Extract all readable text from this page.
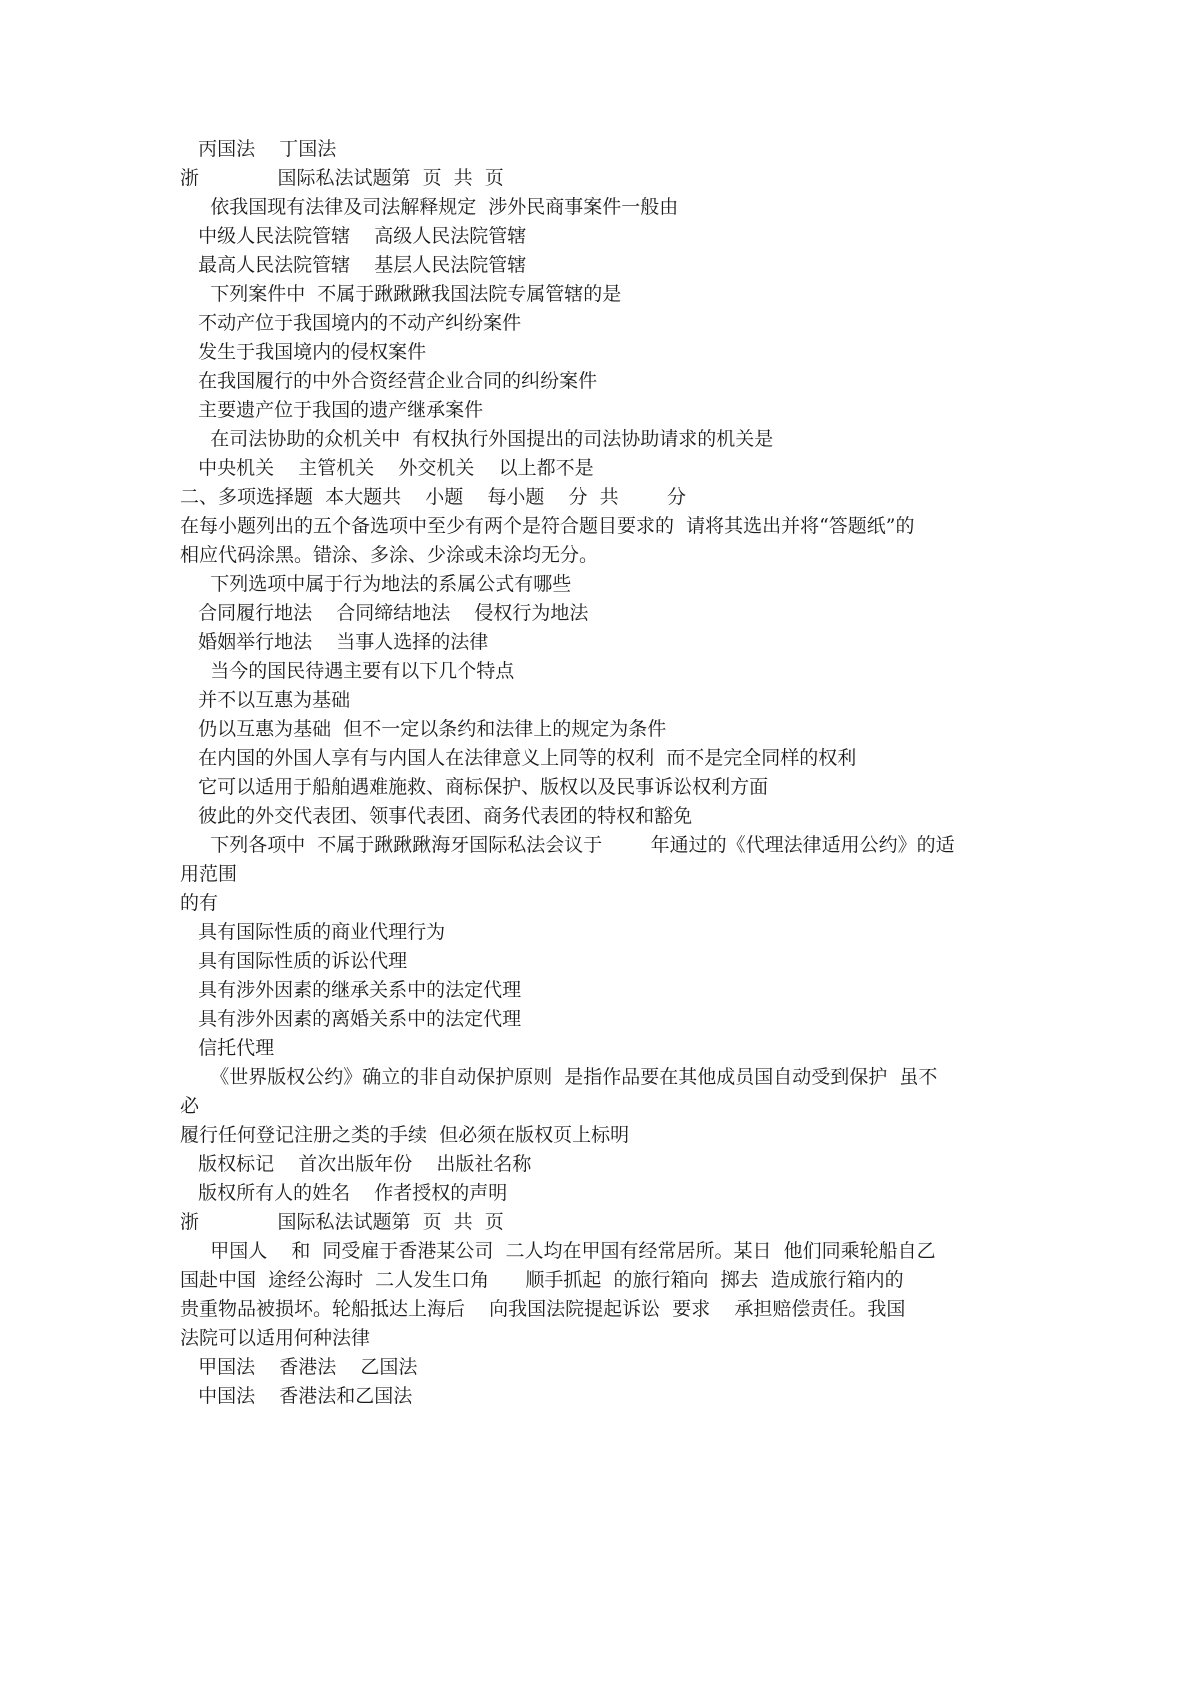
丙国法    丁国法
浙             国际私法试题第  页  共  页
依我国现有法律及司法解释规定  涉外民商事案件一般由
中级人民法院管辖    高级人民法院管辖
最高人民法院管辖    基层人民法院管辖
下列案件中  不属于踿踿踿我国法院专属管辖的是
不动产位于我国境内的不动产纠纷案件
发生于我国境内的侵权案件
在我国履行的中外合资经营企业合同的纠纷案件
主要遗产位于我国的遗产继承案件
在司法协助的众机关中  有权执行外国提出的司法协助请求的机关是
中央机关    主管机关    外交机关    以上都不是
二、多项选择题  本大题共    小题    每小题    分  共        分
在每小题列出的五个备选项中至少有两个是符合题目要求的  请将其选出并将“答题纸”的
相应代码涂黑。错涂、多涂、少涂或未涂均无分。
下列选项中属于行为地法的系属公式有哪些
合同履行地法    合同缔结地法    侵权行为地法
婚姻举行地法    当事人选择的法律
当今的国民待遇主要有以下几个特点
并不以互惠为基础
仍以互惠为基础  但不一定以条约和法律上的规定为条件
在内国的外国人享有与内国人在法律意义上同等的权利  而不是完全同样的权利
它可以适用于船舶遇难施救、商标保护、版权以及民事诉讼权利方面
彼此的外交代表团、领事代表团、商务代表团的特权和豁免
下列各项中  不属于踿踿踿海牙国际私法会议于        年通过的《代理法律适用公约》的适
用范围
的有
具有国际性质的商业代理行为
具有国际性质的诉讼代理
具有涉外因素的继承关系中的法定代理
具有涉外因素的离婚关系中的法定代理
信托代理
《世界版权公约》确立的非自动保护原则  是指作品要在其他成员国自动受到保护  虽不
必
履行任何登记注册之类的手续  但必须在版权页上标明
版权标记    首次出版年份    出版社名称
版权所有人的姓名    作者授权的声明
浙             国际私法试题第  页  共  页
甲国人    和  同受雇于香港某公司  二人均在甲国有经常居所。某日  他们同乘轮船自乙
国赴中国  途经公海时  二人发生口角      顺手抓起  的旅行箱向  掷去  造成旅行箱内的
贵重物品被损坏。轮船抵达上海后    向我国法院提起诉讼  要求    承担赔偿责任。我国
法院可以适用何种法律
甲国法    香港法    乙国法
中国法    香港法和乙国法
